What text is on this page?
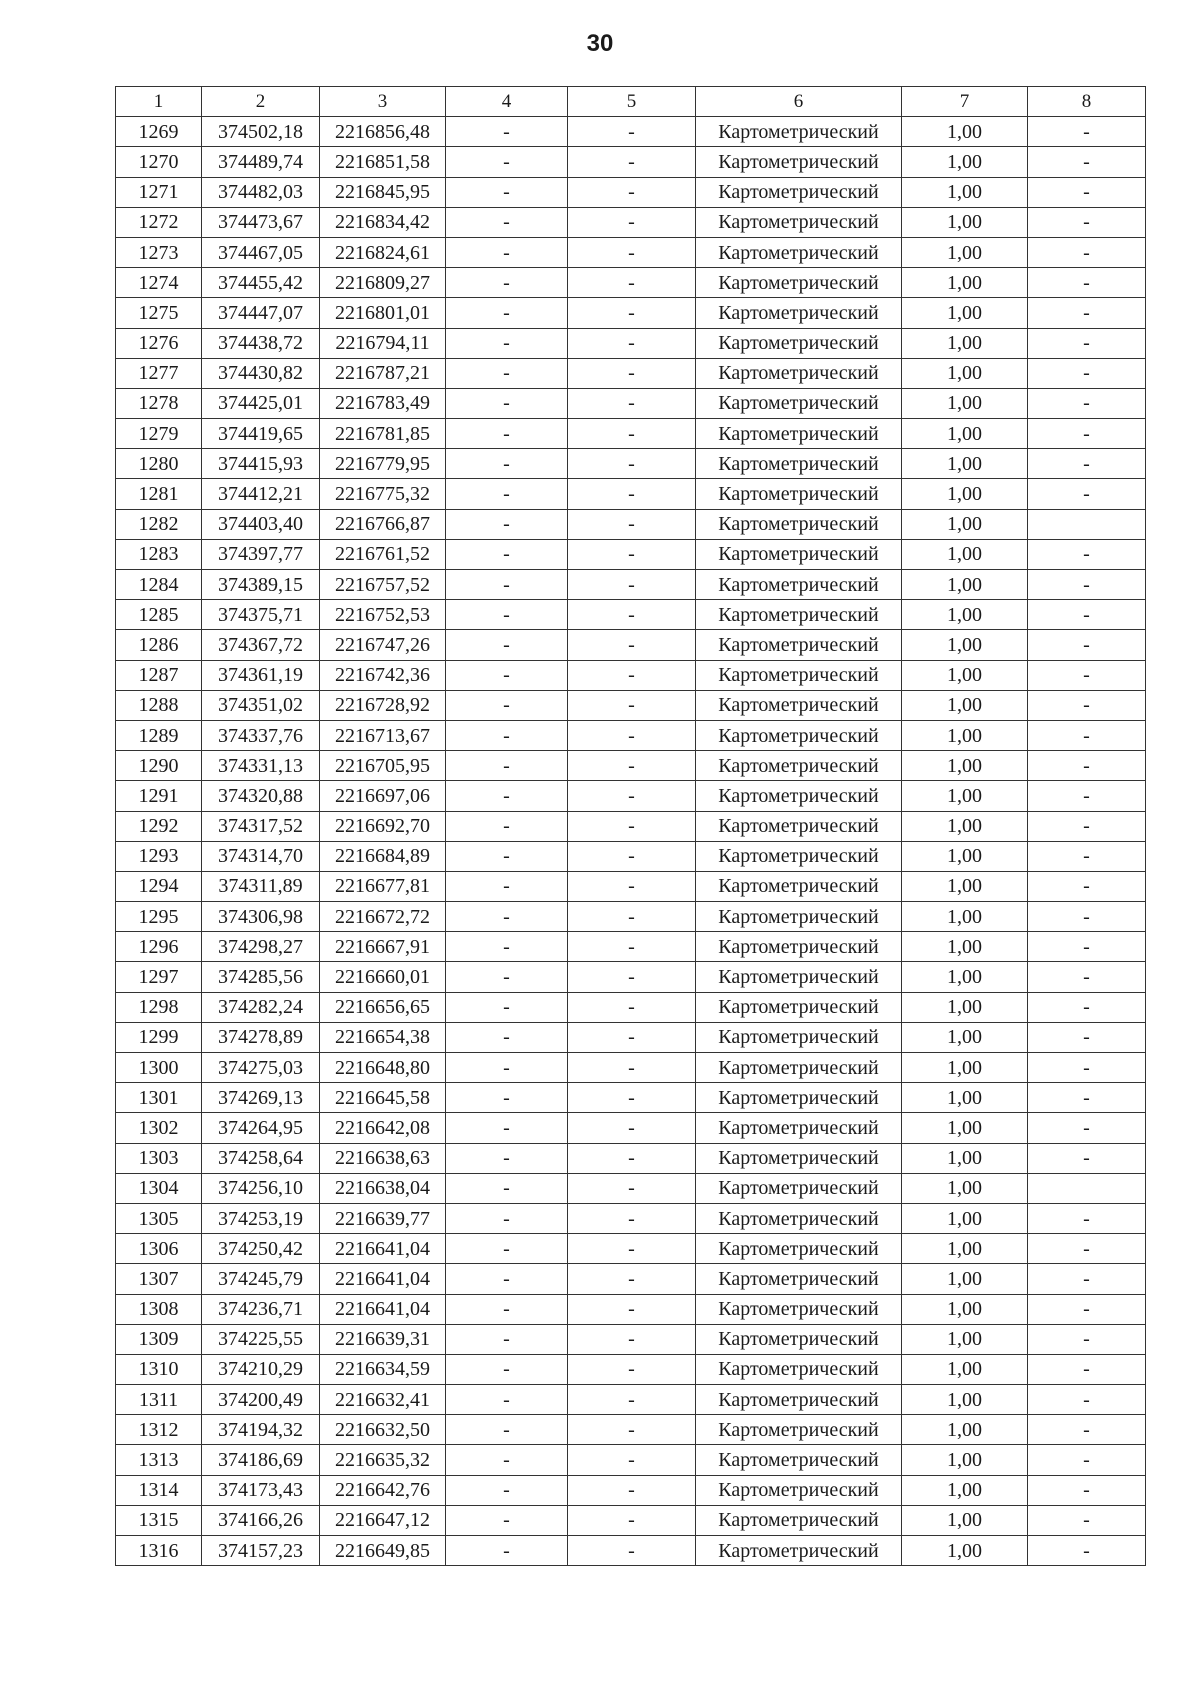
30
1	2	3	4	5	6	7	8
1269	374502,18	2216856,48	-	-	Картометрический	1,00	-
1270	374489,74	2216851,58	-	-	Картометрический	1,00	-
1271	374482,03	2216845,95	-	-	Картометрический	1,00	-
1272	374473,67	2216834,42	-	-	Картометрический	1,00	-
1273	374467,05	2216824,61	-	-	Картометрический	1,00	-
1274	374455,42	2216809,27	-	-	Картометрический	1,00	-
1275	374447,07	2216801,01	-	-	Картометрический	1,00	-
1276	374438,72	2216794,11	-	-	Картометрический	1,00	-
1277	374430,82	2216787,21	-	-	Картометрический	1,00	-
1278	374425,01	2216783,49	-	-	Картометрический	1,00	-
1279	374419,65	2216781,85	-	-	Картометрический	1,00	-
1280	374415,93	2216779,95	-	-	Картометрический	1,00	-
1281	374412,21	2216775,32	-	-	Картометрический	1,00	-
1282	374403,40	2216766,87	-	-	Картометрический	1,00	
1283	374397,77	2216761,52	-	-	Картометрический	1,00	-
1284	374389,15	2216757,52	-	-	Картометрический	1,00	-
1285	374375,71	2216752,53	-	-	Картометрический	1,00	-
1286	374367,72	2216747,26	-	-	Картометрический	1,00	-
1287	374361,19	2216742,36	-	-	Картометрический	1,00	-
1288	374351,02	2216728,92	-	-	Картометрический	1,00	-
1289	374337,76	2216713,67	-	-	Картометрический	1,00	-
1290	374331,13	2216705,95	-	-	Картометрический	1,00	-
1291	374320,88	2216697,06	-	-	Картометрический	1,00	-
1292	374317,52	2216692,70	-	-	Картометрический	1,00	-
1293	374314,70	2216684,89	-	-	Картометрический	1,00	-
1294	374311,89	2216677,81	-	-	Картометрический	1,00	-
1295	374306,98	2216672,72	-	-	Картометрический	1,00	-
1296	374298,27	2216667,91	-	-	Картометрический	1,00	-
1297	374285,56	2216660,01	-	-	Картометрический	1,00	-
1298	374282,24	2216656,65	-	-	Картометрический	1,00	-
1299	374278,89	2216654,38	-	-	Картометрический	1,00	-
1300	374275,03	2216648,80	-	-	Картометрический	1,00	-
1301	374269,13	2216645,58	-	-	Картометрический	1,00	-
1302	374264,95	2216642,08	-	-	Картометрический	1,00	-
1303	374258,64	2216638,63	-	-	Картометрический	1,00	-
1304	374256,10	2216638,04	-	-	Картометрический	1,00	
1305	374253,19	2216639,77	-	-	Картометрический	1,00	-
1306	374250,42	2216641,04	-	-	Картометрический	1,00	-
1307	374245,79	2216641,04	-	-	Картометрический	1,00	-
1308	374236,71	2216641,04	-	-	Картометрический	1,00	-
1309	374225,55	2216639,31	-	-	Картометрический	1,00	-
1310	374210,29	2216634,59	-	-	Картометрический	1,00	-
1311	374200,49	2216632,41	-	-	Картометрический	1,00	-
1312	374194,32	2216632,50	-	-	Картометрический	1,00	-
1313	374186,69	2216635,32	-	-	Картометрический	1,00	-
1314	374173,43	2216642,76	-	-	Картометрический	1,00	-
1315	374166,26	2216647,12	-	-	Картометрический	1,00	-
1316	374157,23	2216649,85	-	-	Картометрический	1,00	-
